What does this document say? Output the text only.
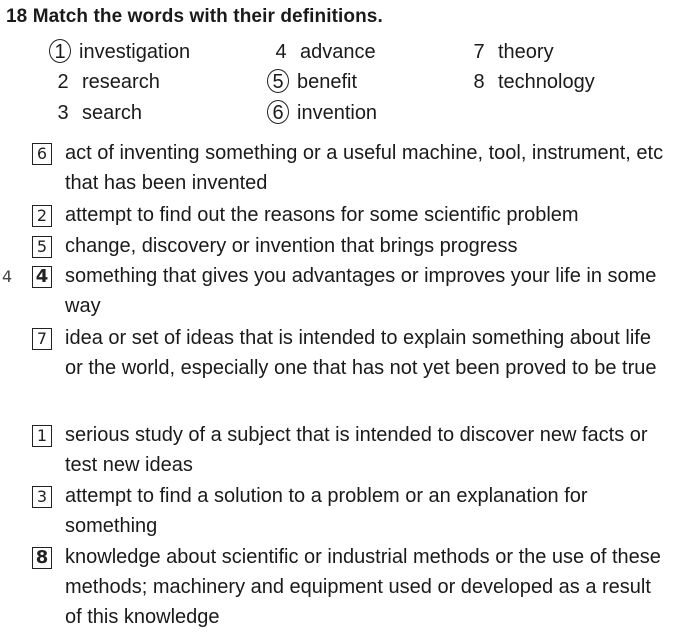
18 Match the words with their definitions.
1 investigation
2 research
3 search
4 advance
5 benefit
6 invention
7 theory
8 technology
6 act of inventing something or a useful machine, tool, instrument, etc that has been invented
2 attempt to find out the reasons for some scientific problem
5 change, discovery or invention that brings progress
4 4 something that gives you advantages or improves your life in some way
7 idea or set of ideas that is intended to explain something about life or the world, especially one that has not yet been proved to be true
1 serious study of a subject that is intended to discover new facts or test new ideas
3 attempt to find a solution to a problem or an explanation for something
8 knowledge about scientific or industrial methods or the use of these methods; machinery and equipment used or developed as a result of this knowledge
